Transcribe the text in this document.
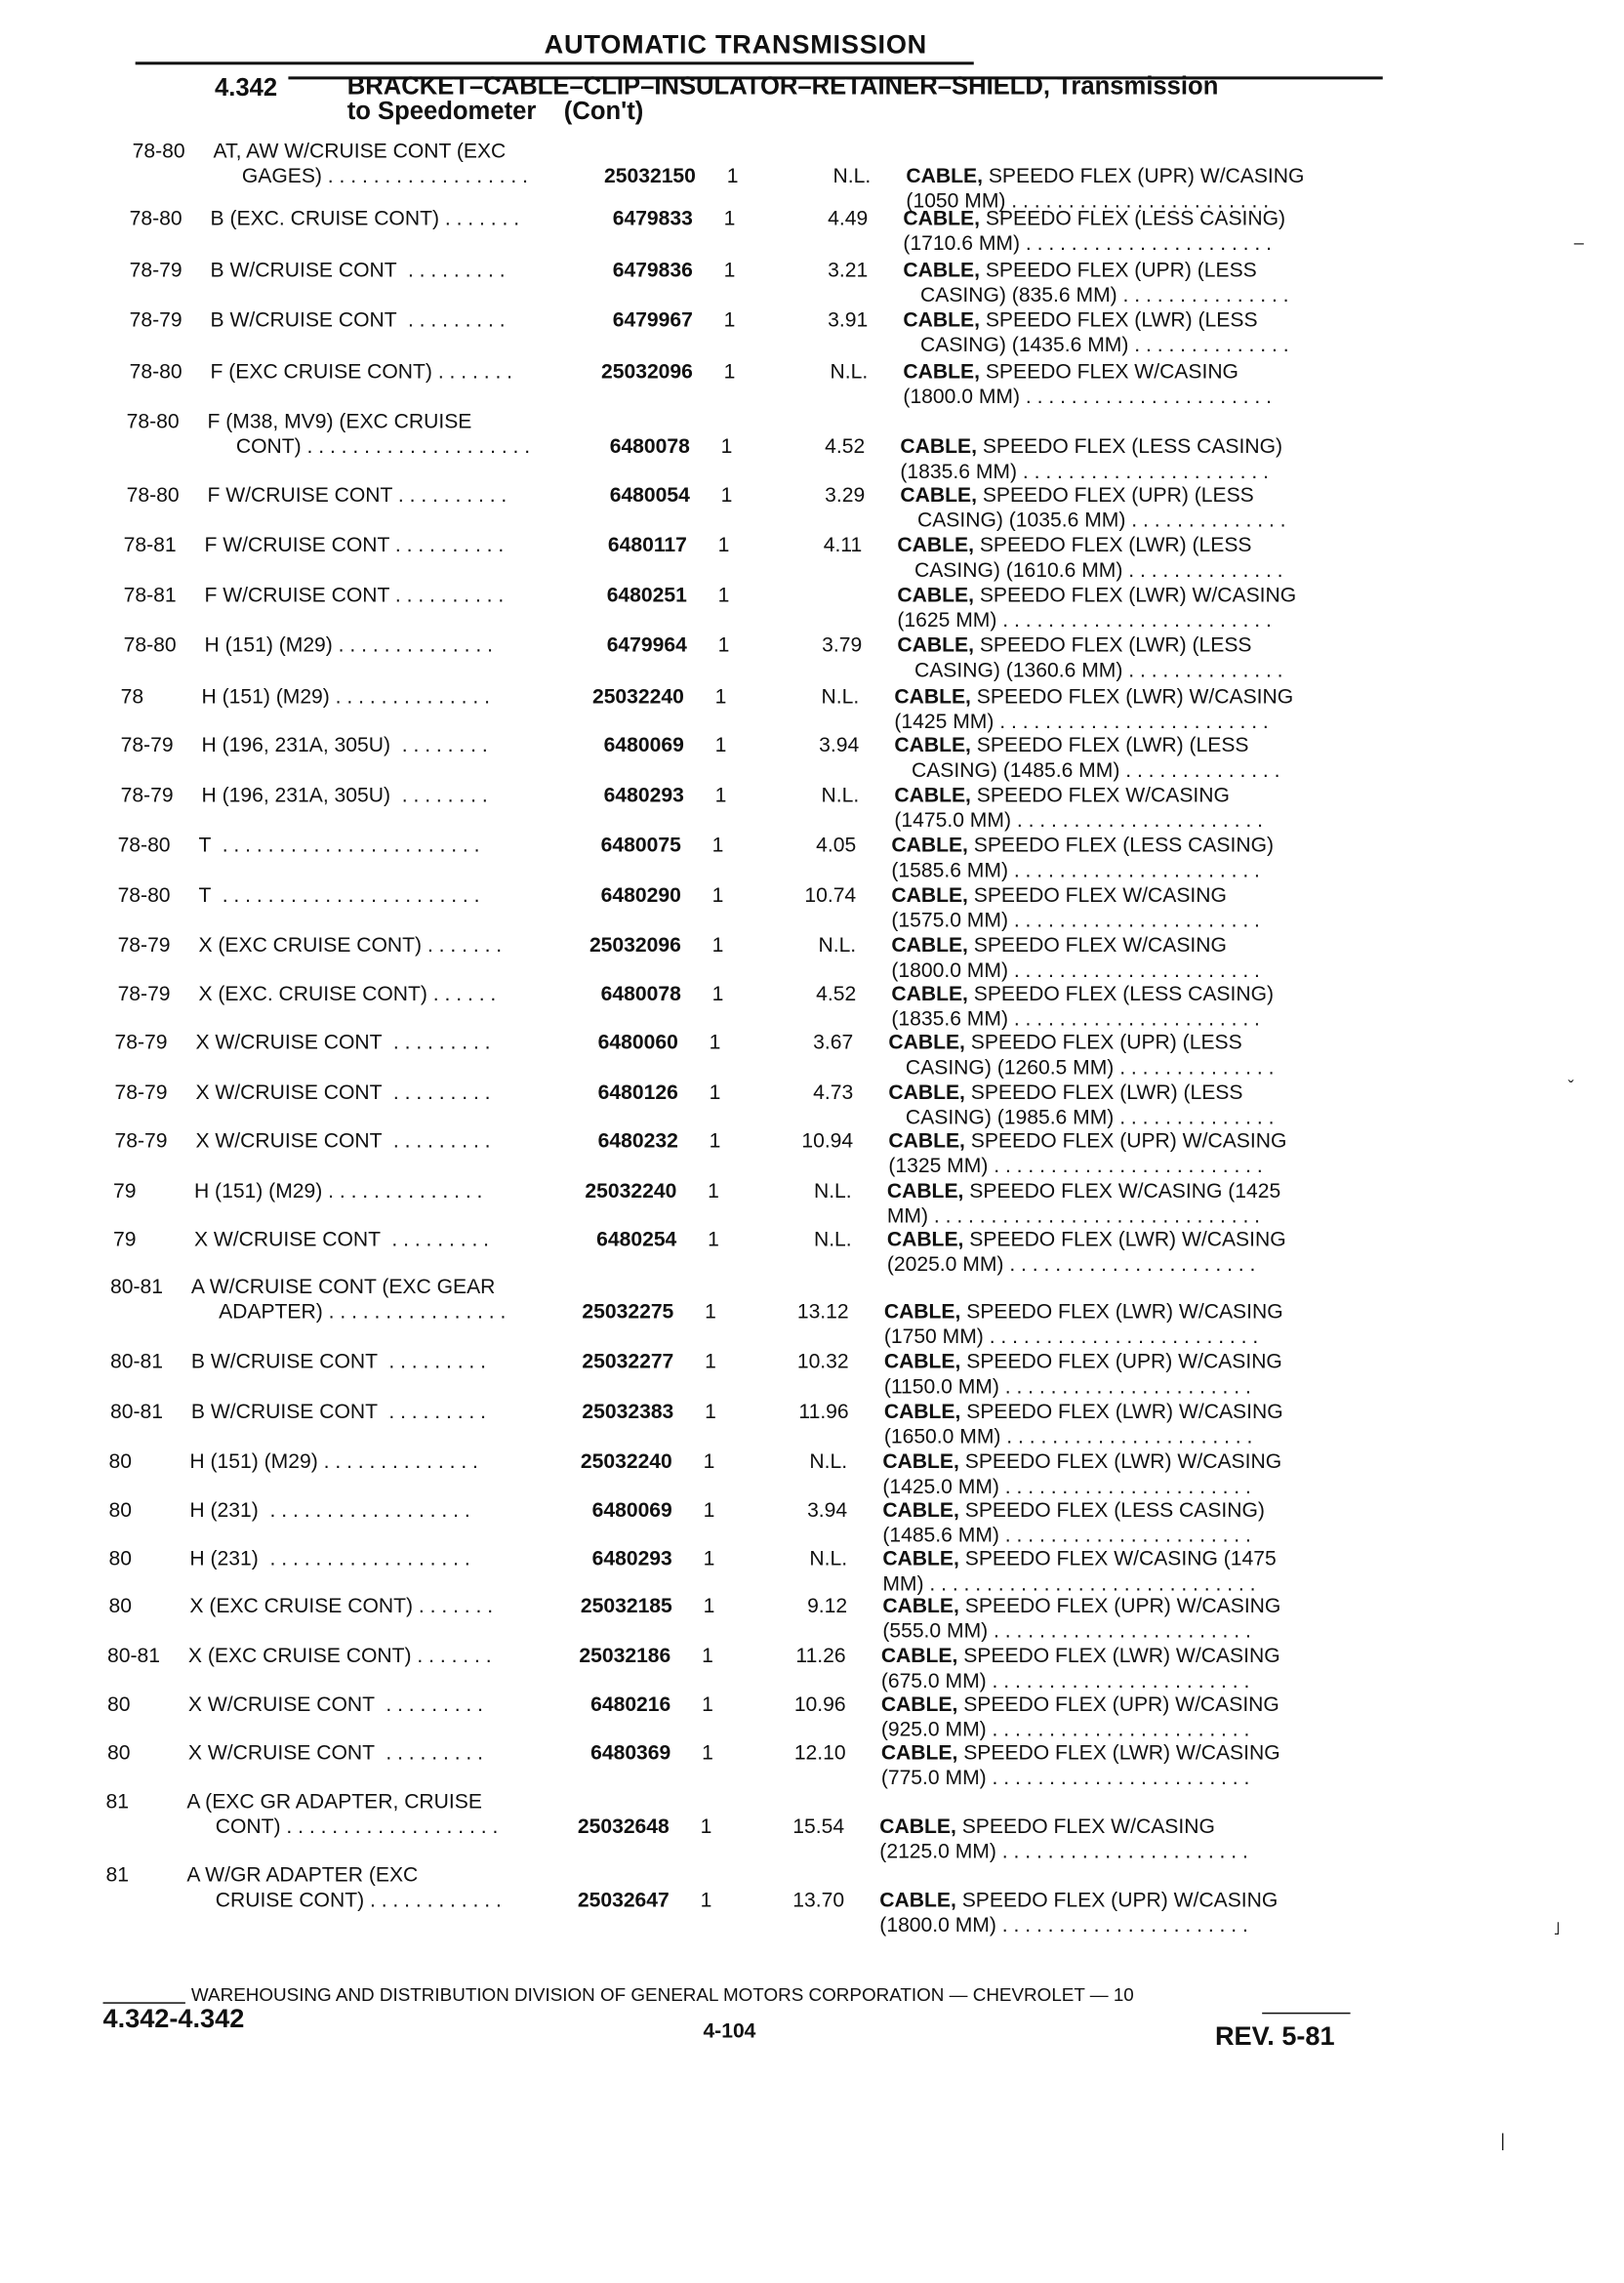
AUTOMATIC TRANSMISSION
4.342	BRACKET–CABLE–CLIP–INSULATOR–RETAINER–SHIELD, Transmission
to Speedometer    (Con't)
78-80	AT, AW W/CRUISE CONT (EXC
GAGES) . . . . . . . . . . . . . . . . . .	25032150 1	N.L.	CABLE, SPEEDO FLEX (UPR) W/CASING
(1050 MM) . . . . . . . . . . . . . . . . . . . . . . .
78-80	B (EXC. CRUISE CONT) . . . . . . .	6479833 1	4.49	CABLE, SPEEDO FLEX (LESS CASING)
(1710.6 MM) . . . . . . . . . . . . . . . . . . . . . .
78-79	B W/CRUISE CONT  . . . . . . . . .	6479836 1	3.21	CABLE, SPEEDO FLEX (UPR) (LESS
CASING) (835.6 MM) . . . . . . . . . . . . . . .
78-79	B W/CRUISE CONT  . . . . . . . . .	6479967 1	3.91	CABLE, SPEEDO FLEX (LWR) (LESS
CASING) (1435.6 MM) . . . . . . . . . . . . . .
78-80	F (EXC CRUISE CONT) . . . . . . .	25032096 1	N.L.	CABLE, SPEEDO FLEX W/CASING
(1800.0 MM) . . . . . . . . . . . . . . . . . . . . . .
78-80	F (M38, MV9) (EXC CRUISE
CONT) . . . . . . . . . . . . . . . . . . . .	6480078 1	4.52	CABLE, SPEEDO FLEX (LESS CASING)
(1835.6 MM) . . . . . . . . . . . . . . . . . . . . . .
78-80	F W/CRUISE CONT . . . . . . . . . .	6480054 1	3.29	CABLE, SPEEDO FLEX (UPR) (LESS
CASING) (1035.6 MM) . . . . . . . . . . . . . .
78-81	F W/CRUISE CONT . . . . . . . . . .	6480117 1	4.11	CABLE, SPEEDO FLEX (LWR) (LESS
CASING) (1610.6 MM) . . . . . . . . . . . . . .
78-81	F W/CRUISE CONT . . . . . . . . . .	6480251 1	CABLE, SPEEDO FLEX (LWR) W/CASING
(1625 MM) . . . . . . . . . . . . . . . . . . . . . . . .
78-80	H (151) (M29) . . . . . . . . . . . . . .	6479964 1	3.79	CABLE, SPEEDO FLEX (LWR) (LESS
CASING) (1360.6 MM) . . . . . . . . . . . . . .
78	H (151) (M29) . . . . . . . . . . . . . .	25032240 1	N.L.	CABLE, SPEEDO FLEX (LWR) W/CASING
(1425 MM) . . . . . . . . . . . . . . . . . . . . . . . .
78-79	H (196, 231A, 305U)  . . . . . . . .	6480069 1	3.94	CABLE, SPEEDO FLEX (LWR) (LESS
CASING) (1485.6 MM) . . . . . . . . . . . . . .
78-79	H (196, 231A, 305U)  . . . . . . . .	6480293 1	N.L.	CABLE, SPEEDO FLEX W/CASING
(1475.0 MM) . . . . . . . . . . . . . . . . . . . . . .
78-80	T  . . . . . . . . . . . . . . . . . . . . . . .	6480075 1	4.05	CABLE, SPEEDO FLEX (LESS CASING)
(1585.6 MM) . . . . . . . . . . . . . . . . . . . . . .
78-80	T  . . . . . . . . . . . . . . . . . . . . . . .	6480290 1	10.74	CABLE, SPEEDO FLEX W/CASING
(1575.0 MM) . . . . . . . . . . . . . . . . . . . . . .
78-79	X (EXC CRUISE CONT) . . . . . . .	25032096 1	N.L.	CABLE, SPEEDO FLEX W/CASING
(1800.0 MM) . . . . . . . . . . . . . . . . . . . . . .
78-79	X (EXC. CRUISE CONT) . . . . . .	6480078 1	4.52	CABLE, SPEEDO FLEX (LESS CASING)
(1835.6 MM) . . . . . . . . . . . . . . . . . . . . . .
78-79	X W/CRUISE CONT  . . . . . . . . .	6480060 1	3.67	CABLE, SPEEDO FLEX (UPR) (LESS
CASING) (1260.5 MM) . . . . . . . . . . . . . .
78-79	X W/CRUISE CONT  . . . . . . . . .	6480126 1	4.73	CABLE, SPEEDO FLEX (LWR) (LESS
CASING) (1985.6 MM) . . . . . . . . . . . . . .
78-79	X W/CRUISE CONT  . . . . . . . . .	6480232 1	10.94	CABLE, SPEEDO FLEX (UPR) W/CASING
(1325 MM) . . . . . . . . . . . . . . . . . . . . . . . .
79	H (151) (M29) . . . . . . . . . . . . . .	25032240 1	N.L.	CABLE, SPEEDO FLEX W/CASING (1425
MM) . . . . . . . . . . . . . . . . . . . . . . . . . . . . .
79	X W/CRUISE CONT  . . . . . . . . .	6480254 1	N.L.	CABLE, SPEEDO FLEX (LWR) W/CASING
(2025.0 MM) . . . . . . . . . . . . . . . . . . . . . .
80-81	A W/CRUISE CONT (EXC GEAR
ADAPTER) . . . . . . . . . . . . . . . .	25032275 1	13.12	CABLE, SPEEDO FLEX (LWR) W/CASING
(1750 MM) . . . . . . . . . . . . . . . . . . . . . . . .
80-81	B W/CRUISE CONT  . . . . . . . . .	25032277 1	10.32	CABLE, SPEEDO FLEX (UPR) W/CASING
(1150.0 MM) . . . . . . . . . . . . . . . . . . . . . .
80-81	B W/CRUISE CONT  . . . . . . . . .	25032383 1	11.96	CABLE, SPEEDO FLEX (LWR) W/CASING
(1650.0 MM) . . . . . . . . . . . . . . . . . . . . . .
80	H (151) (M29) . . . . . . . . . . . . . .	25032240 1	N.L.	CABLE, SPEEDO FLEX (LWR) W/CASING
(1425.0 MM) . . . . . . . . . . . . . . . . . . . . . .
80	H (231)  . . . . . . . . . . . . . . . . . .	6480069 1	3.94	CABLE, SPEEDO FLEX (LESS CASING)
(1485.6 MM) . . . . . . . . . . . . . . . . . . . . . .
80	H (231)  . . . . . . . . . . . . . . . . . .	6480293 1	N.L.	CABLE, SPEEDO FLEX W/CASING (1475
MM) . . . . . . . . . . . . . . . . . . . . . . . . . . . . .
80	X (EXC CRUISE CONT) . . . . . . .	25032185 1	9.12	CABLE, SPEEDO FLEX (UPR) W/CASING
(555.0 MM) . . . . . . . . . . . . . . . . . . . . . . .
80-81	X (EXC CRUISE CONT) . . . . . . .	25032186 1	11.26	CABLE, SPEEDO FLEX (LWR) W/CASING
(675.0 MM) . . . . . . . . . . . . . . . . . . . . . . .
80	X W/CRUISE CONT  . . . . . . . . .	6480216 1	10.96	CABLE, SPEEDO FLEX (UPR) W/CASING
(925.0 MM) . . . . . . . . . . . . . . . . . . . . . . .
80	X W/CRUISE CONT  . . . . . . . . .	6480369 1	12.10	CABLE, SPEEDO FLEX (LWR) W/CASING
(775.0 MM) . . . . . . . . . . . . . . . . . . . . . . .
81	A (EXC GR ADAPTER, CRUISE
CONT) . . . . . . . . . . . . . . . . . . .	25032648 1	15.54	CABLE, SPEEDO FLEX W/CASING
(2125.0 MM) . . . . . . . . . . . . . . . . . . . . . .
81	A W/GR ADAPTER (EXC
CRUISE CONT) . . . . . . . . . . . .	25032647 1	13.70	CABLE, SPEEDO FLEX (UPR) W/CASING
(1800.0 MM) . . . . . . . . . . . . . . . . . . . . . .
WAREHOUSING AND DISTRIBUTION DIVISION OF GENERAL MOTORS CORPORATION — CHEVROLET — 10
4.342-4.342	4-104	REV. 5-81
–
ˇ
˩
|
